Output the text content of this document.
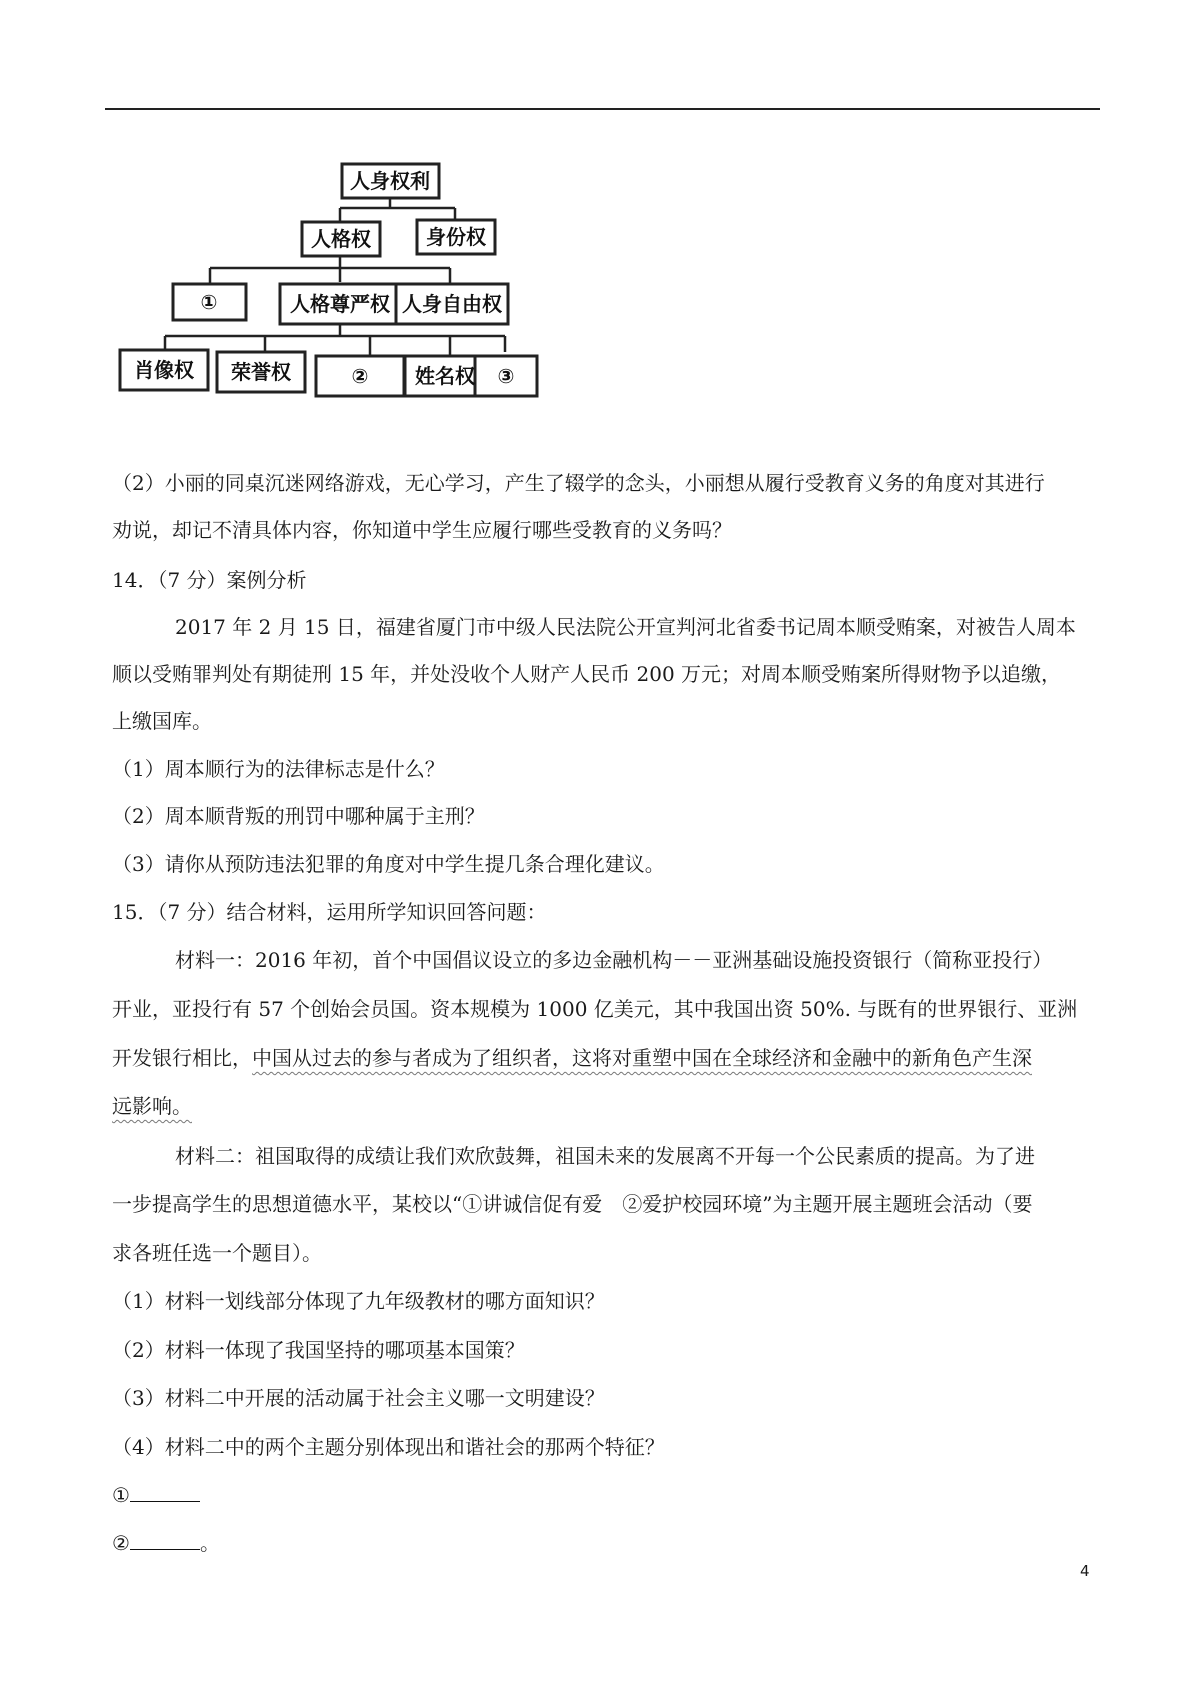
人身权利
人格权	身份权
①	人格尊严权 人身自由权
肖像权 荣誉权	② 姓名权 ③
（2）小丽的同桌沉迷网络游戏，无心学习，产生了辍学的念头，小丽想从履行受教育义务的角度对其进行
劝说，却记不清具体内容，你知道中学生应履行哪些受教育的义务吗？
14．（7 分）案例分析
2017 年 2 月 15 日，福建省厦门市中级人民法院公开宣判河北省委书记周本顺受贿案，对被告人周本
顺以受贿罪判处有期徒刑 15 年，并处没收个人财产人民币 200 万元；对周本顺受贿案所得财物予以追缴，
上缴国库。
（1）周本顺行为的法律标志是什么？
（2）周本顺背叛的刑罚中哪种属于主刑？
（3）请你从预防违法犯罪的角度对中学生提几条合理化建议。
15．（7 分）结合材料，运用所学知识回答问题：
材料一：2016 年初，首个中国倡议设立的多边金融机构－－亚洲基础设施投资银行（简称亚投行）
开业，亚投行有 57 个创始会员国。资本规模为 1000 亿美元，其中我国出资 50%. 与既有的世界银行、亚洲
开发银行相比，中国从过去的参与者成为了组织者，这将对重塑中国在全球经济和金融中的新角色产生深
远影响。
材料二：祖国取得的成绩让我们欢欣鼓舞，祖国未来的发展离不开每一个公民素质的提高。为了进
一步提高学生的思想道德水平，某校以“①讲诚信促有爱　②爱护校园环境”为主题开展主题班会活动（要
求各班任选一个题目）。
（1）材料一划线部分体现了九年级教材的哪方面知识？
（2）材料一体现了我国坚持的哪项基本国策？
（3）材料二中开展的活动属于社会主义哪一文明建设？
（4）材料二中的两个主题分别体现出和谐社会的那两个特征？
①
②	。
4
